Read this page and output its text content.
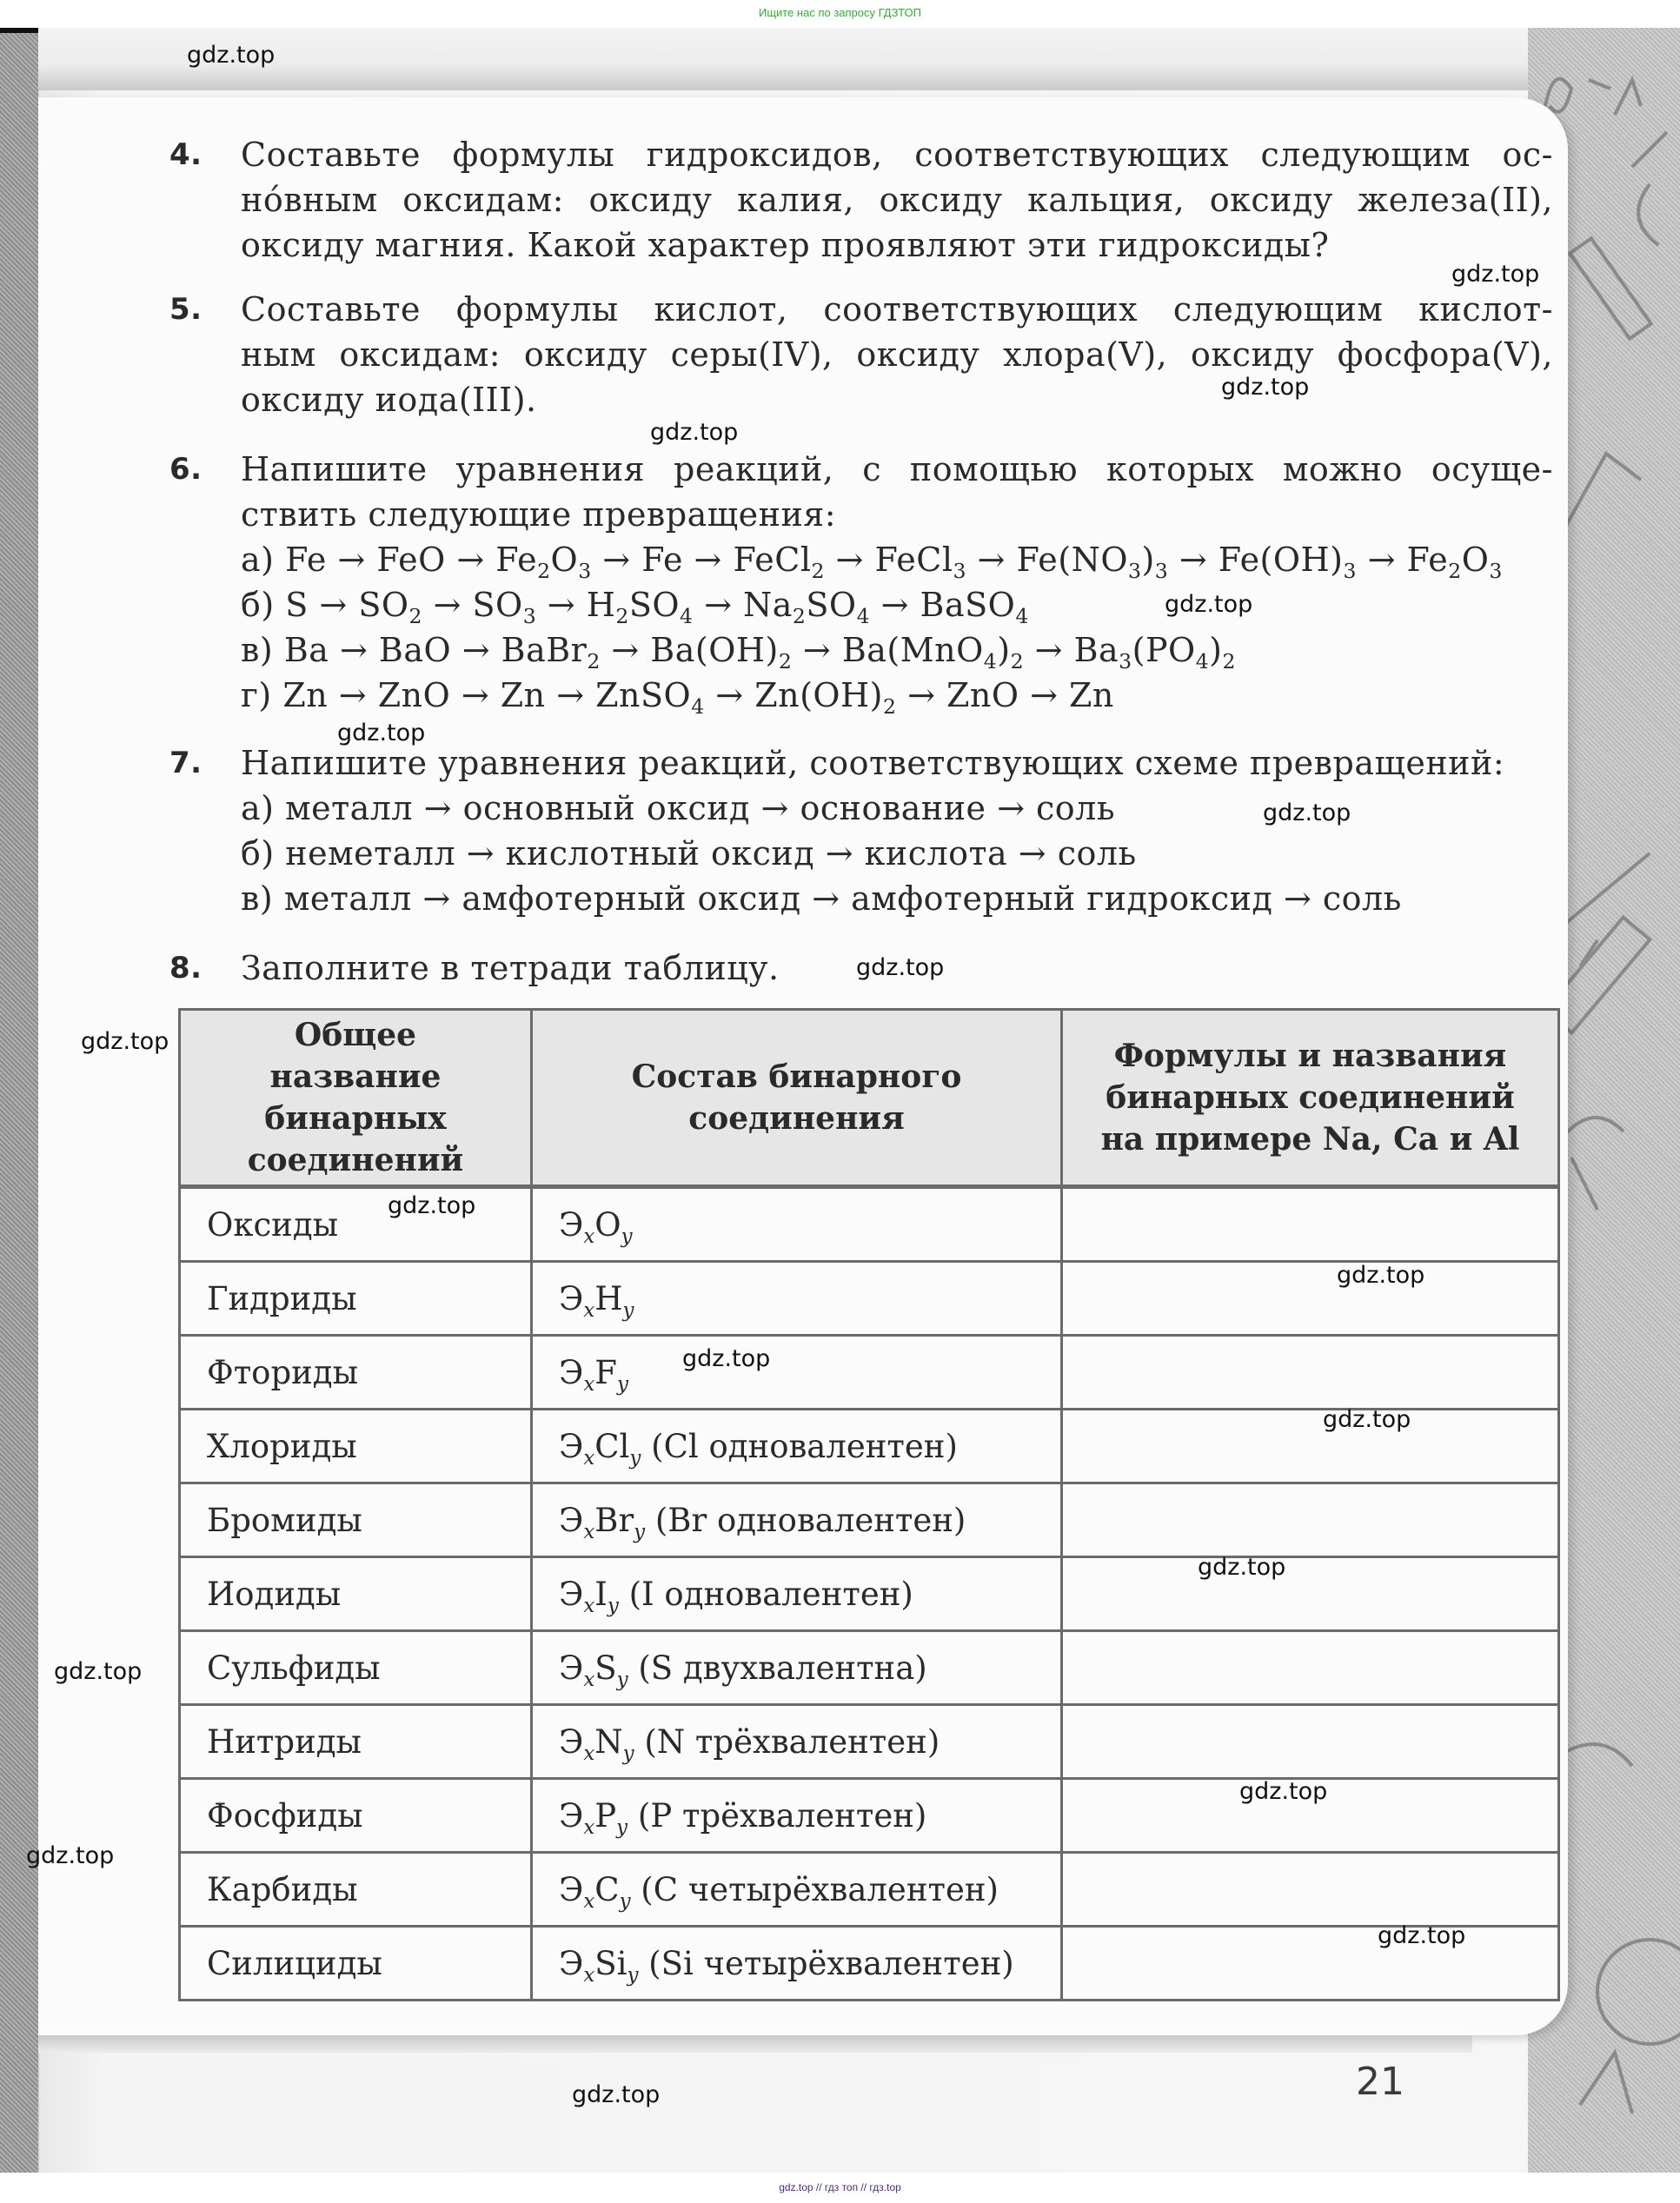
Ищите нас по запросу ГДЗТОП
4.	Составьте формулы гидроксидов, соответствующих следующим ос-
но́вным оксидам: оксиду калия, оксиду кальция, оксиду железа(II),
оксиду магния. Какой характер проявляют эти гидроксиды?
5.	Составьте формулы кислот, соответствующих следующим кислот-
ным оксидам: оксиду серы(IV), оксиду хлора(V), оксиду фосфора(V),
оксиду иода(III).
6.	Напишите уравнения реакций, с помощью которых можно осуще-
ствить следующие превращения:
а) Fe → FeO → $Fe_2O_3 \to Fe$ → FeCl$_2$ → FeCl$_3$ → $Fe(NO_3)_3 \to Fe(OH)_3 \to Fe_2O_3$
б) $S \to SO_2 \to SO_3 \to H_2SO_4 \to Na_2SO_4$ → BaSO$_4$
в) Ba → BaO → BaBr$_2$ → $Ba(OH)_2 \to Ba(MnO_4)_2 \to Ba_3(PO_4)_2$
г) Zn → ZnO → Zn → ZnSO$_4$ → $Zn(OH)_2$ → ZnO → Zn
7.	Напишите уравнения реакций, соответствующих схеме превращений:
а) металл → основный оксид → основание → соль
б) неметалл → кислотный оксид → кислота → соль
в) металл → амфотерный оксид → амфотерный гидроксид → соль
8.	Заполните в тетради таблицу.
Общее название бинарных соединений	Состав бинарного соединения	Формулы и названия бинарных соединений на примере Na, Ca и Al
Оксиды	$Э_xO_y$	
Гидриды	$Э_xH_y$	
Фториды	$Э_xF_y$	
Хлориды	$Э_xCl_y$ (Cl одновалентен)	
Бромиды	$Э_xBr_y$ (Br одновалентен)	
Иодиды	$Э_xI_y$ (I одновалентен)	
Сульфиды	$Э_xS_y$ (S двухвалентна)	
Нитриды	$Э_xN_y$ (N трёхвалентен)	
Фосфиды	$Э_xP_y$ (P трёхвалентен)	
Карбиды	$Э_xC_y$ (C четырёхвалентен)	
Силициды	$Э_xSi_y$ (Si четырёхвалентен)	
gdz.top
gdz.top
gdz.top
gdz.top
gdz.top
gdz.top
gdz.top
gdz.top
gdz.top
gdz.top
gdz.top
gdz.top
gdz.top
gdz.top
gdz.top
gdz.top
gdz.top
gdz.top
gdz.top	21
gdz.top // гдз топ // гдз.top
